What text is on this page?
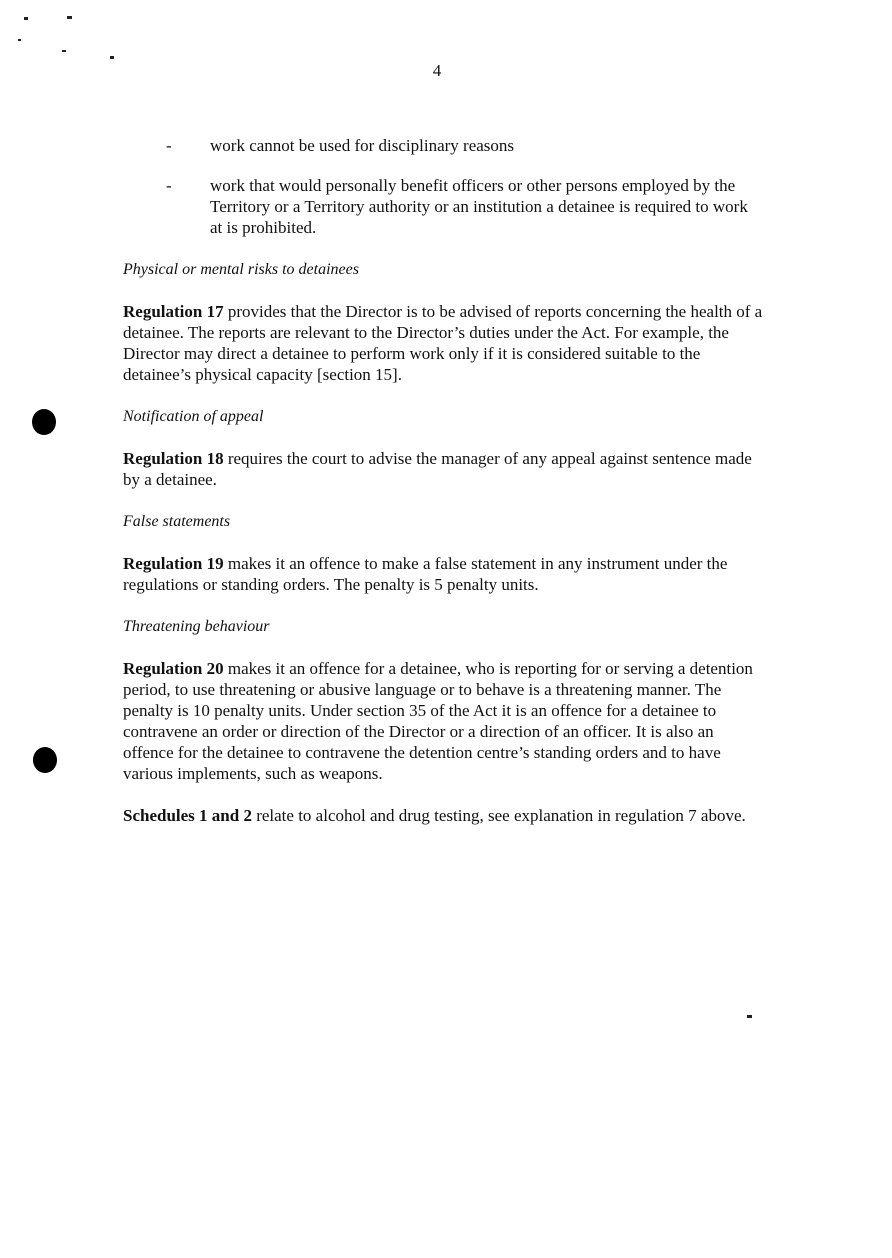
4
- work cannot be used for disciplinary reasons
- work that would personally benefit officers or other persons employed by the Territory or a Territory authority or an institution a detainee is required to work at is prohibited.
Physical or mental risks to detainees
Regulation 17 provides that the Director is to be advised of reports concerning the health of a detainee. The reports are relevant to the Director’s duties under the Act. For example, the Director may direct a detainee to perform work only if it is considered suitable to the detainee’s physical capacity [section 15].
Notification of appeal
Regulation 18 requires the court to advise the manager of any appeal against sentence made by a detainee.
False statements
Regulation 19 makes it an offence to make a false statement in any instrument under the regulations or standing orders. The penalty is 5 penalty units.
Threatening behaviour
Regulation 20 makes it an offence for a detainee, who is reporting for or serving a detention period, to use threatening or abusive language or to behave is a threatening manner. The penalty is 10 penalty units. Under section 35 of the Act it is an offence for a detainee to contravene an order or direction of the Director or a direction of an officer. It is also an offence for the detainee to contravene the detention centre’s standing orders and to have various implements, such as weapons.
Schedules 1 and 2 relate to alcohol and drug testing, see explanation in regulation 7 above.
